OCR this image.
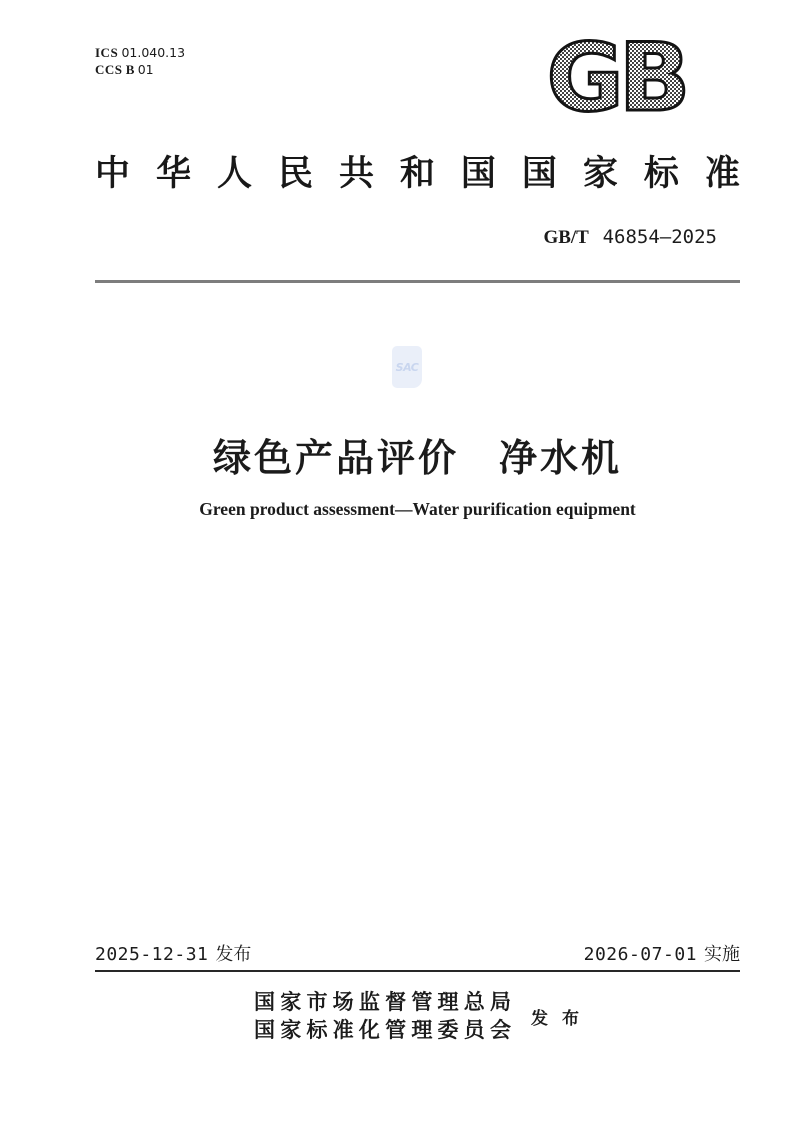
ICS 01.040.13
CCS B 01	GB
中 华 人 民 共 和 国 国 家 标 准
GB/T 46854—2025
SAC
绿色产品评价 净水机
Green product assessment—Water purification equipment
2025-12-31 发布	2026-07-01 实施
国 家 市 场 监 督 管 理 总 局
国 家 标 准 化 管 理 委 员 会 发布
